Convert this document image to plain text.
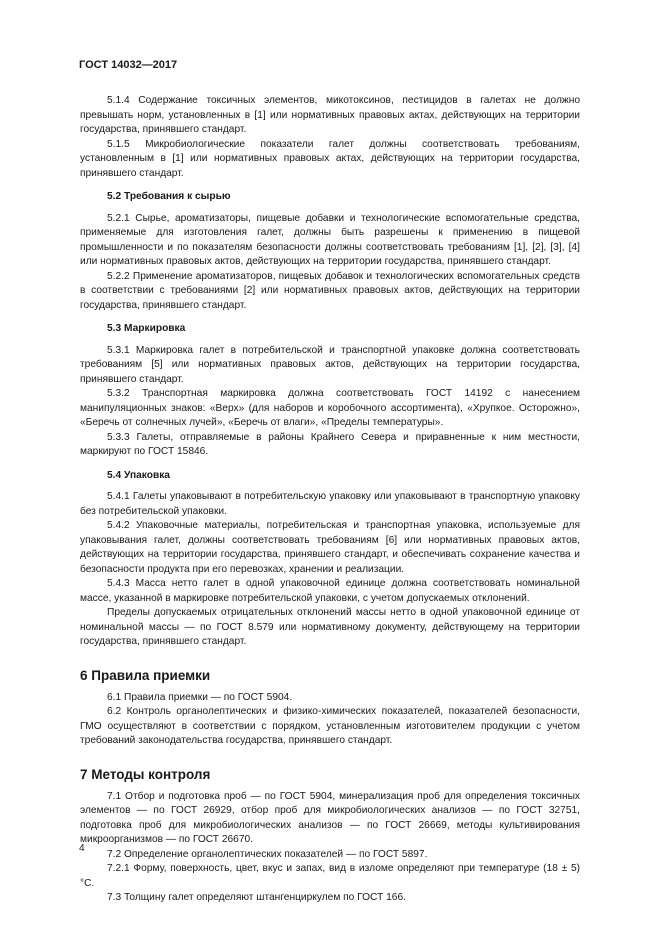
ГОСТ 14032—2017

5.1.4 Содержание токсичных элементов, микотоксинов, пестицидов в галетах не должно превышать норм, установленных в [1] или нормативных правовых актах, действующих на территории государства, принявшего стандарт.

5.1.5 Микробиологические показатели галет должны соответствовать требованиям, установленным в [1] или нормативных правовых актах, действующих на территории государства, принявшего стандарт.

5.2 Требования к сырью

5.2.1 Сырье, ароматизаторы, пищевые добавки и технологические вспомогательные средства, применяемые для изготовления галет, должны быть разрешены к применению в пищевой промышленности и по показателям безопасности должны соответствовать требованиям [1], [2], [3], [4] или нормативных правовых актов, действующих на территории государства, принявшего стандарт.

5.2.2 Применение ароматизаторов, пищевых добавок и технологических вспомогательных средств в соответствии с требованиями [2] или нормативных правовых актов, действующих на территории государства, принявшего стандарт.

5.3 Маркировка

5.3.1 Маркировка галет в потребительской и транспортной упаковке должна соответствовать требованиям [5] или нормативных правовых актов, действующих на территории государства, принявшего стандарт.

5.3.2 Транспортная маркировка должна соответствовать ГОСТ 14192 с нанесением манипуляционных знаков: «Верх» (для наборов и коробочного ассортимента), «Хрупкое. Осторожно», «Беречь от солнечных лучей», «Беречь от влаги», «Пределы температуры».

5.3.3 Галеты, отправляемые в районы Крайнего Севера и приравненные к ним местности, маркируют по ГОСТ 15846.

5.4 Упаковка

5.4.1 Галеты упаковывают в потребительскую упаковку или упаковывают в транспортную упаковку без потребительской упаковки.

5.4.2 Упаковочные материалы, потребительская и транспортная упаковка, используемые для упаковывания галет, должны соответствовать требованиям [6] или нормативных правовых актов, действующих на территории государства, принявшего стандарт, и обеспечивать сохранение качества и безопасности продукта при его перевозках, хранении и реализации.

5.4.3 Масса нетто галет в одной упаковочной единице должна соответствовать номинальной массе, указанной в маркировке потребительской упаковки, с учетом допускаемых отклонений.

Пределы допускаемых отрицательных отклонений массы нетто в одной упаковочной единице от номинальной массы — по ГОСТ 8.579 или нормативному документу, действующему на территории государства, принявшего стандарт.

6 Правила приемки

6.1 Правила приемки — по ГОСТ 5904.

6.2 Контроль органолептических и физико-химических показателей, показателей безопасности, ГМО осуществляют в соответствии с порядком, установленным изготовителем продукции с учетом требований законодательства государства, принявшего стандарт.

7 Методы контроля

7.1 Отбор и подготовка проб — по ГОСТ 5904, минерализация проб для определения токсичных элементов — по ГОСТ 26929, отбор проб для микробиологических анализов — по ГОСТ 32751, подготовка проб для микробиологических анализов — по ГОСТ 26669, методы культивирования микроорганизмов — по ГОСТ 26670.

7.2 Определение органолептических показателей — по ГОСТ 5897.

7.2.1 Форму, поверхность, цвет, вкус и запах, вид в изломе определяют при температуре (18 ± 5) °С.

7.3 Толщину галет определяют штангенциркулем по ГОСТ 166.

4
